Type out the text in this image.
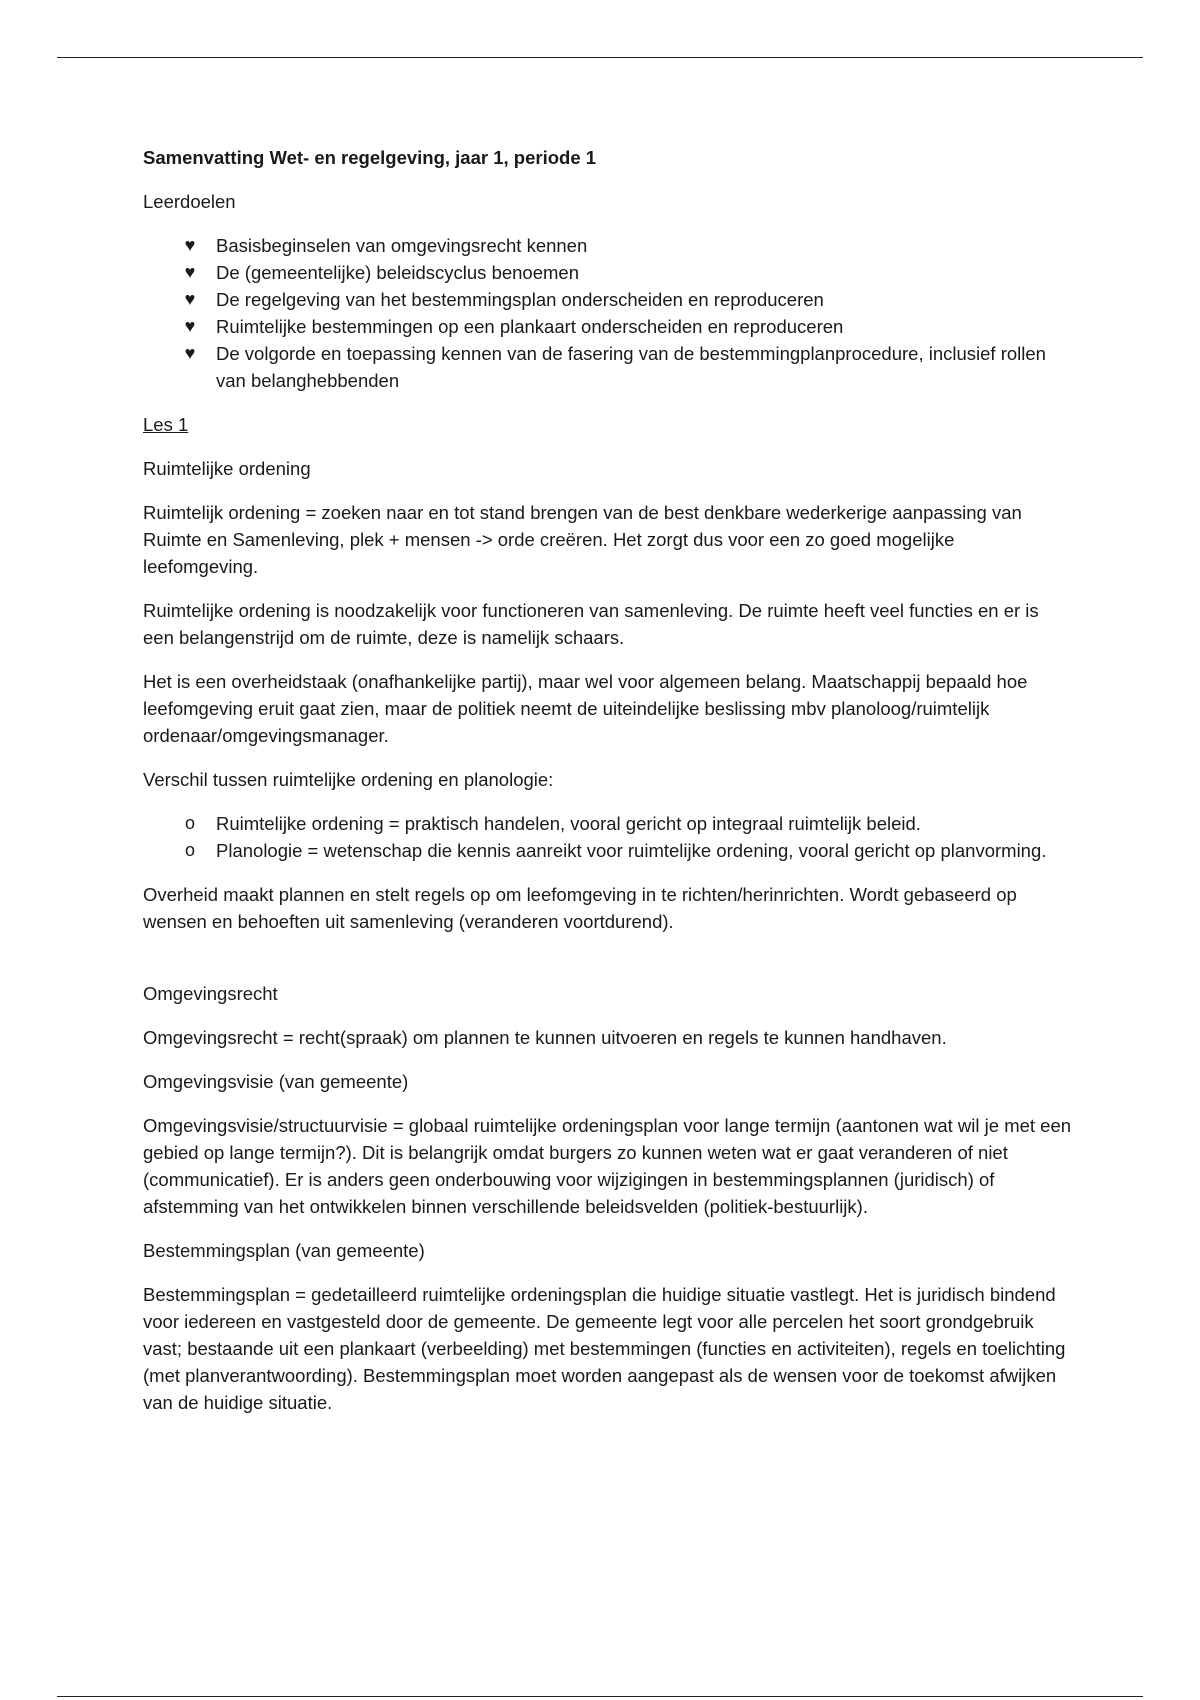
Samenvatting Wet- en regelgeving, jaar 1, periode 1

Leerdoelen

♥ Basisbeginselen van omgevingsrecht kennen
♥ De (gemeentelijke) beleidscyclus benoemen
♥ De regelgeving van het bestemmingsplan onderscheiden en reproduceren
♥ Ruimtelijke bestemmingen op een plankaart onderscheiden en reproduceren
♥ De volgorde en toepassing kennen van de fasering van de bestemmingplanprocedure, inclusief rollen van belanghebbenden

Les 1

Ruimtelijke ordening

Ruimtelijk ordening = zoeken naar en tot stand brengen van de best denkbare wederkerige aanpassing van Ruimte en Samenleving, plek + mensen -> orde creëren. Het zorgt dus voor een zo goed mogelijke leefomgeving.

Ruimtelijke ordening is noodzakelijk voor functioneren van samenleving. De ruimte heeft veel functies en er is een belangenstrijd om de ruimte, deze is namelijk schaars.

Het is een overheidstaak (onafhankelijke partij), maar wel voor algemeen belang. Maatschappij bepaald hoe leefomgeving eruit gaat zien, maar de politiek neemt de uiteindelijke beslissing mbv planoloog/ruimtelijk ordenaar/omgevingsmanager.

Verschil tussen ruimtelijke ordening en planologie:

o Ruimtelijke ordening = praktisch handelen, vooral gericht op integraal ruimtelijk beleid.
o Planologie = wetenschap die kennis aanreikt voor ruimtelijke ordening, vooral gericht op planvorming.

Overheid maakt plannen en stelt regels op om leefomgeving in te richten/herinrichten. Wordt gebaseerd op wensen en behoeften uit samenleving (veranderen voortdurend).

Omgevingsrecht

Omgevingsrecht = recht(spraak) om plannen te kunnen uitvoeren en regels te kunnen handhaven.

Omgevingsvisie (van gemeente)

Omgevingsvisie/structuurvisie = globaal ruimtelijke ordeningsplan voor lange termijn (aantonen wat wil je met een gebied op lange termijn?). Dit is belangrijk omdat burgers zo kunnen weten wat er gaat veranderen of niet (communicatief). Er is anders geen onderbouwing voor wijzigingen in bestemmingsplannen (juridisch) of afstemming van het ontwikkelen binnen verschillende beleidsvelden (politiek-bestuurlijk).

Bestemmingsplan (van gemeente)

Bestemmingsplan = gedetailleerd ruimtelijke ordeningsplan die huidige situatie vastlegt. Het is juridisch bindend voor iedereen en vastgesteld door de gemeente. De gemeente legt voor alle percelen het soort grondgebruik vast; bestaande uit een plankaart (verbeelding) met bestemmingen (functies en activiteiten), regels en toelichting (met planverantwoording). Bestemmingsplan moet worden aangepast als de wensen voor de toekomst afwijken van de huidige situatie.
